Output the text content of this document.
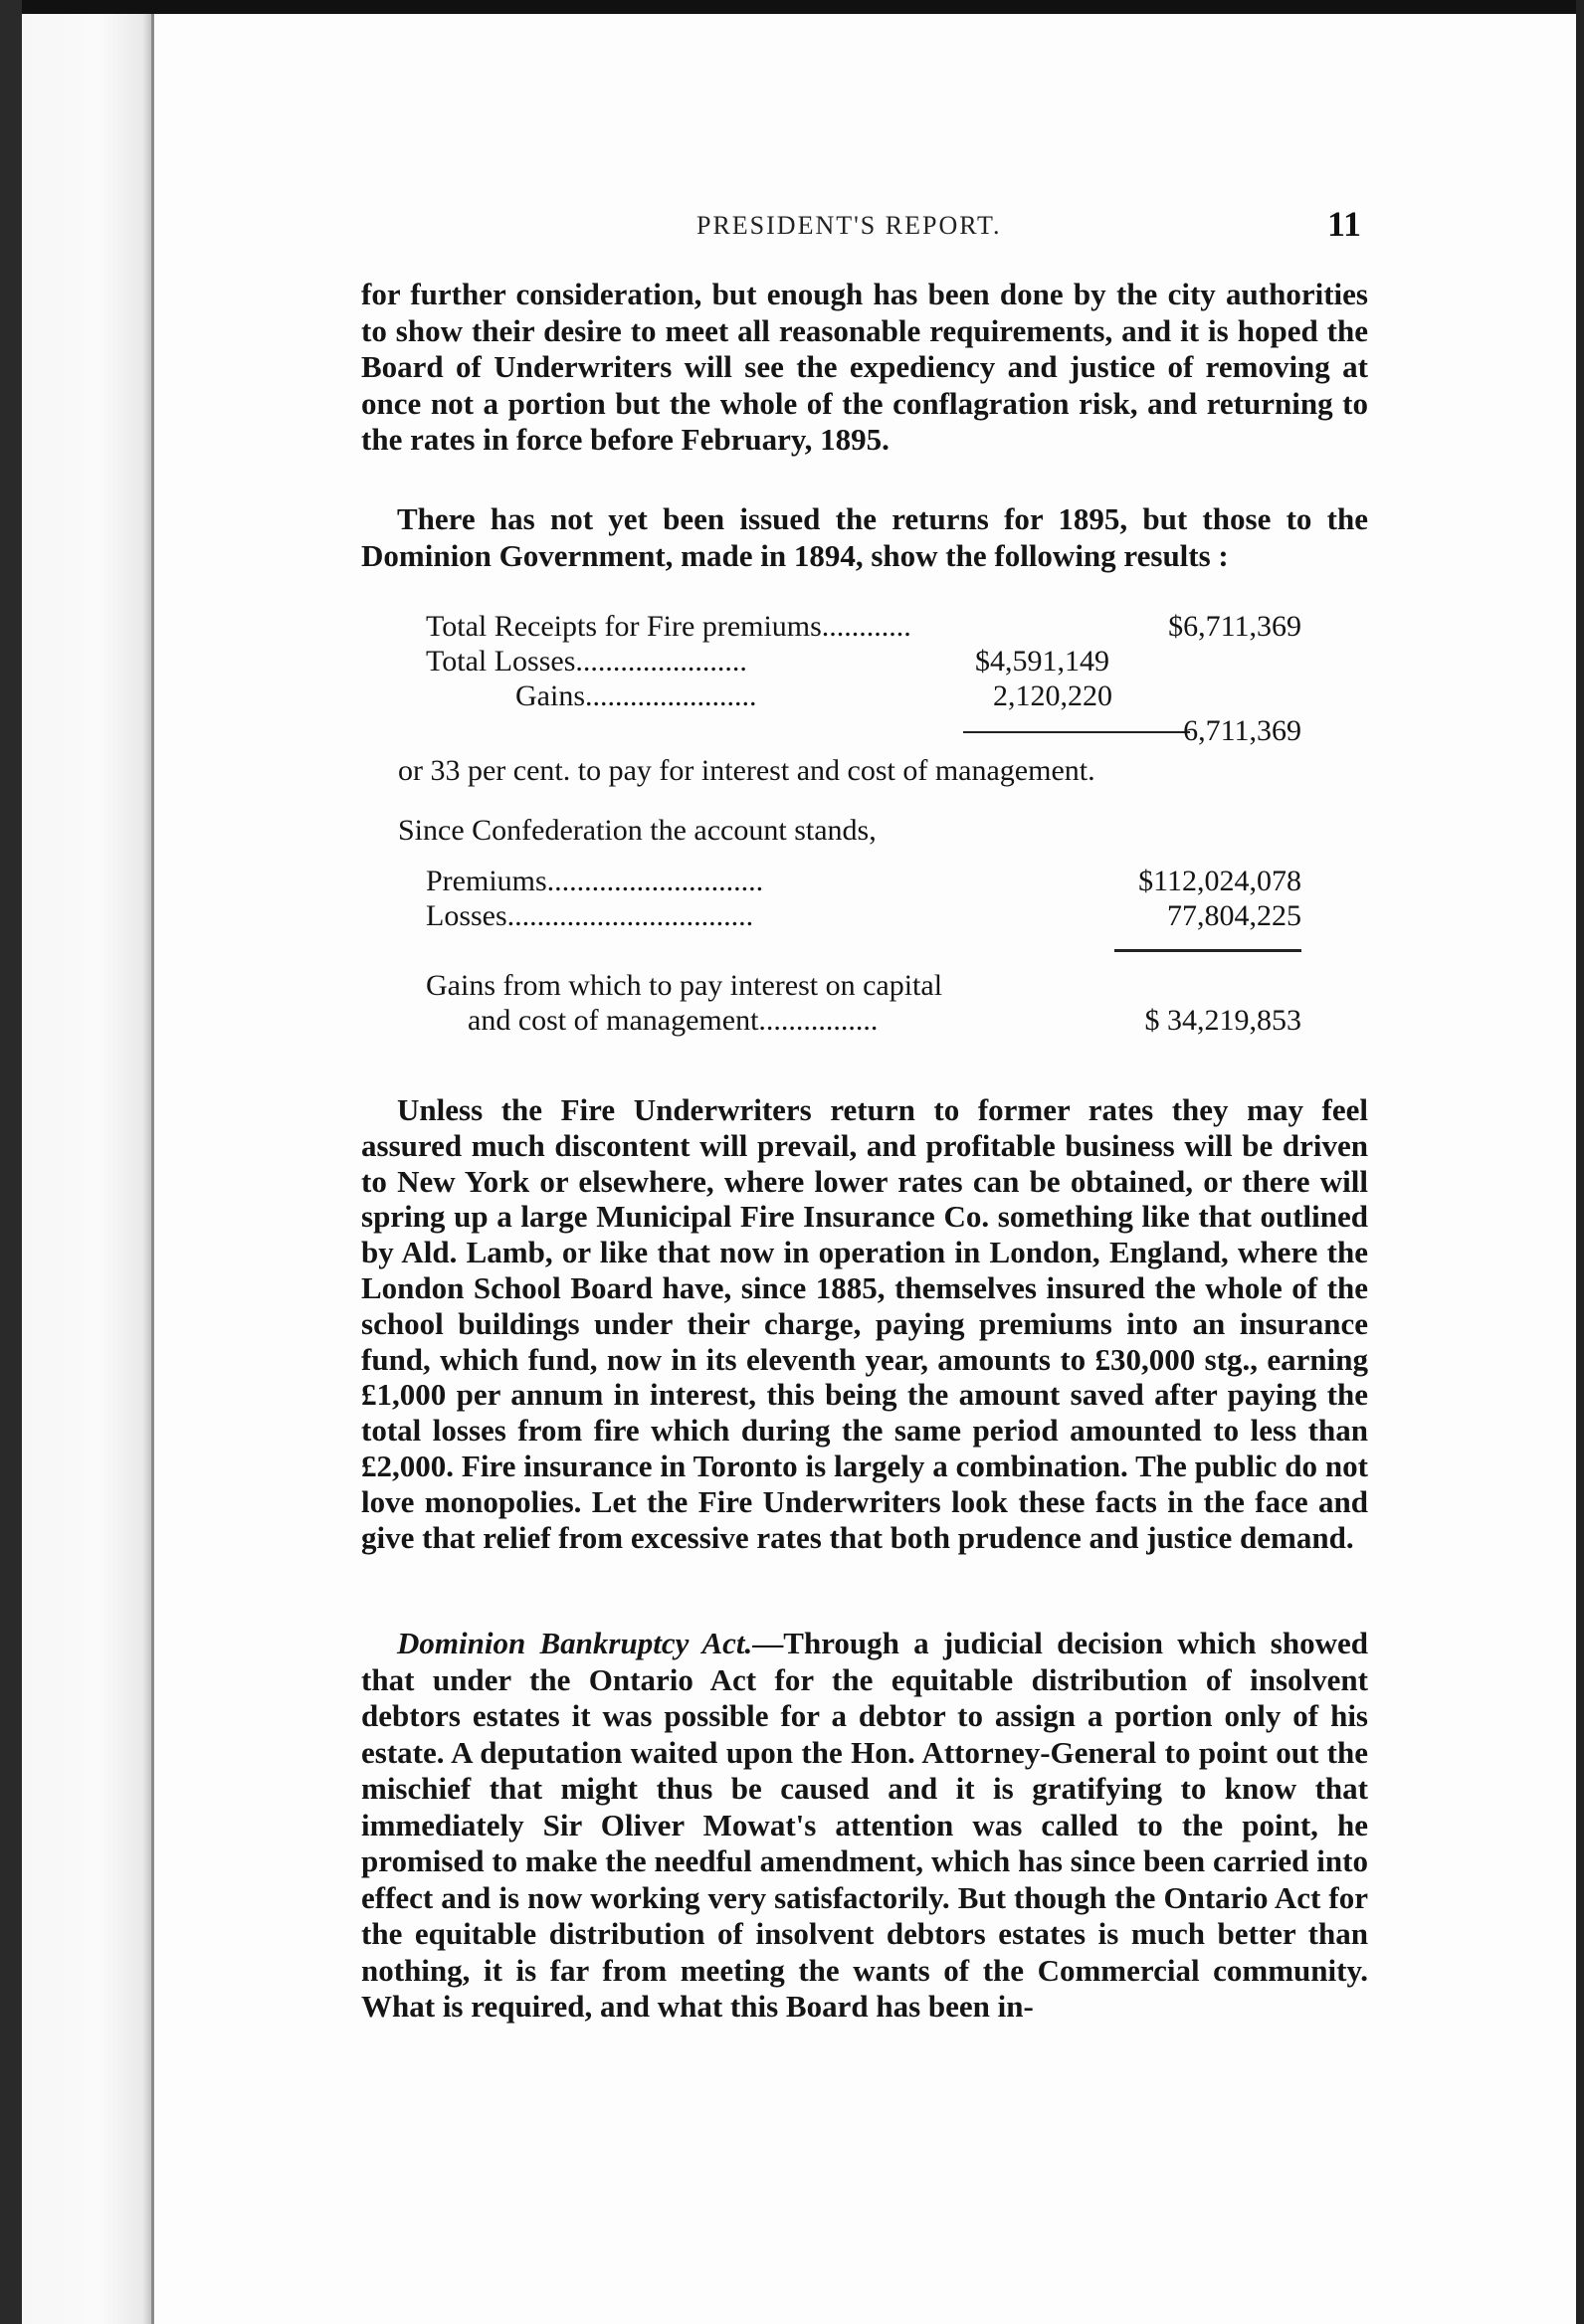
PRESIDENT'S REPORT.	11

for further consideration, but enough has been done by the city authorities to show their desire to meet all reasonable requirements, and it is hoped the Board of Underwriters will see the expediency and justice of removing at once not a portion but the whole of the conflagration risk, and returning to the rates in force before February, 1895.

There has not yet been issued the returns for 1895, but those to the Dominion Government, made in 1894, show the following results :

Total Receipts for Fire premiums............	$6,711,369
Total Losses.......................	$4,591,149
Gains.......................	2,120,220
6,711,369
or 33 per cent. to pay for interest and cost of management.
Since Confederation the account stands,
Premiums.............................	$112,024,078
Losses.................................	77,804,225
Gains from which to pay interest on capital
and cost of management................	$ 34,219,853

Unless the Fire Underwriters return to former rates they may feel assured much discontent will prevail, and profitable business will be driven to New York or elsewhere, where lower rates can be obtained, or there will spring up a large Municipal Fire Insurance Co. something like that outlined by Ald. Lamb, or like that now in operation in London, England, where the London School Board have, since 1885, themselves insured the whole of the school buildings under their charge, paying premiums into an insurance fund, which fund, now in its eleventh year, amounts to £30,000 stg., earning £1,000 per annum in interest, this being the amount saved after paying the total losses from fire which during the same period amounted to less than £2,000. Fire insurance in Toronto is largely a combination. The public do not love monopolies. Let the Fire Underwriters look these facts in the face and give that relief from excessive rates that both prudence and justice demand.

Dominion Bankruptcy Act.—Through a judicial decision which showed that under the Ontario Act for the equitable distribution of insolvent debtors estates it was possible for a debtor to assign a portion only of his estate. A deputation waited upon the Hon. Attorney-General to point out the mischief that might thus be caused and it is gratifying to know that immediately Sir Oliver Mowat's attention was called to the point, he promised to make the needful amendment, which has since been carried into effect and is now working very satisfactorily. But though the Ontario Act for the equitable distribution of insolvent debtors estates is much better than nothing, it is far from meeting the wants of the Commercial community. What is required, and what this Board has been in-
